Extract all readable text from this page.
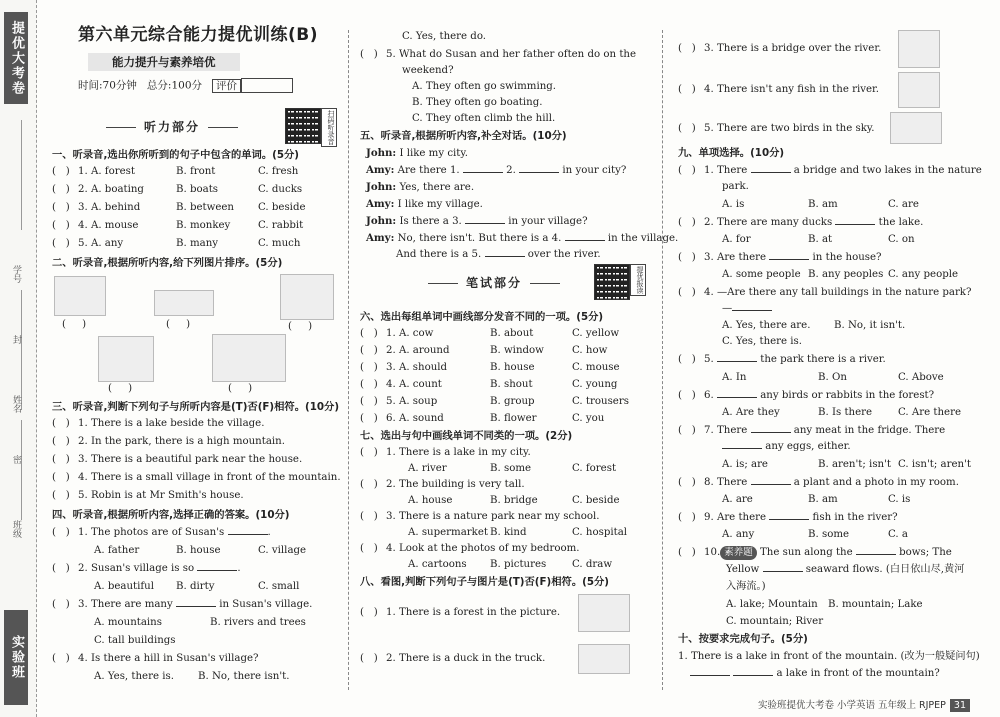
提优大考卷
学号
封
姓名
密
班级
实验班
第六单元综合能力提优训练(B)
能力提升与素养培优
时间:70分钟 总分:100分 评价
扫码听录音
听力部分
一、听录音,选出你所听到的句子中包含的单词。(5分)
(   ) 1. A. forest	B. front	C. fresh
(   ) 2. A. boating	B. boats	C. ducks
(   ) 3. A. behind	B. between C. beside
(   ) 4. A. mouse	B. monkey	C. rabbit
(   ) 5. A. any	B. many	C. much
二、听录音,根据所听内容,给下列图片排序。(5分)
(     )	(     )	(     )
(     )	(     )
三、听录音,判断下列句子与所听内容是(T)否(F)相符。(10分)
(   ) 1. There is a lake beside the village.
(   ) 2. In the park, there is a high mountain.
(   ) 3. There is a beautiful park near the house.
(   ) 4. There is a small village in front of the mountain.
(   ) 5. Robin is at Mr Smith's house.
四、听录音,根据所听内容,选择正确的答案。(10分)
(   ) 1. The photos are of Susan's	.
A. father	B. house	C. village
(   ) 2. Susan's village is so	.
A. beautiful B. dirty	C. small
(   ) 3. There are many	in Susan's village.
A. mountains	B. rivers and trees
C. tall buildings
(   ) 4. Is there a hill in Susan's village?
A. Yes, there is. B. No, there isn't.
C. Yes, there do.
(   ) 5. What do Susan and her father often do on the
weekend?
A. They often go swimming.
B. They often go boating.
C. They often climb the hill.
五、听录音,根据所听内容,补全对话。(10分)
John: I like my city.
Amy: Are there 1.	2.	in your city?
John: Yes, there are.
Amy: I like my village.
John: Is there a 3.	in your village?
Amy: No, there isn't. But there is a 4.	in the village.
And there is a 5.	over the river.
笔试部分	提优报读
六、选出每组单词中画线部分发音不同的一项。(5分)
(   ) 1. A. cow	B. about	C. yellow
(   ) 2. A. around	B. window	C. how
(   ) 3. A. should	B. house	C. mouse
(   ) 4. A. count	B. shout	C. young
(   ) 5. A. soup	B. group	C. trousers
(   ) 6. A. sound	B. flower	C. you
七、选出与句中画线单词不同类的一项。(2分)
(   ) 1. There is a lake in my city.
A. river	B. some	C. forest
(   ) 2. The building is very tall.
A. house	B. bridge	C. beside
(   ) 3. There is a nature park near my school.
A. supermarket B. kind	C. hospital
(   ) 4. Look at the photos of my bedroom.
A. cartoons B. pictures	C. draw
八、看图,判断下列句子与图片是(T)否(F)相符。(5分)
(   ) 1. There is a forest in the picture.
(   ) 2. There is a duck in the truck.
(   ) 3. There is a bridge over the river.
(   ) 4. There isn't any fish in the river.
(   ) 5. There are two birds in the sky.
九、单项选择。(10分)
(   ) 1. There	a bridge and two lakes in the nature
park.
A. is	B. am	C. are
(   ) 2. There are many ducks	the lake.
A. for	B. at	C. on
(   ) 3. Are there	in the house?
A. some people B. any peoples C. any people
(   ) 4. —Are there any tall buildings in the nature park?
—
A. Yes, there are. B. No, it isn't.
C. Yes, there is.
(   ) 5.	the park there is a river.
A. In	B. On	C. Above
(   ) 6.	any birds or rabbits in the forest?
A. Are they	B. Is there	C. Are there
(   ) 7. There	any meat in the fridge. There
any eggs, either.
A. is; are	B. aren't; isn't C. isn't; aren't
(   ) 8. There	a plant and a photo in my room.
A. are	B. am	C. is
(   ) 9. Are there	fish in the river?
A. any	B. some	C. a
(   ) 10. 素养题 The sun along the	bows; The
Yellow	seaward flows. (白日依山尽,黄河
入海流。)
A. lake; Mountain B. mountain; Lake
C. mountain; River
十、按要求完成句子。(5分)
1. There is a lake in front of the mountain. (改为一般疑问句)
a lake in front of the mountain?
实验班提优大考卷 小学英语 五年级上 RJPEP 31
